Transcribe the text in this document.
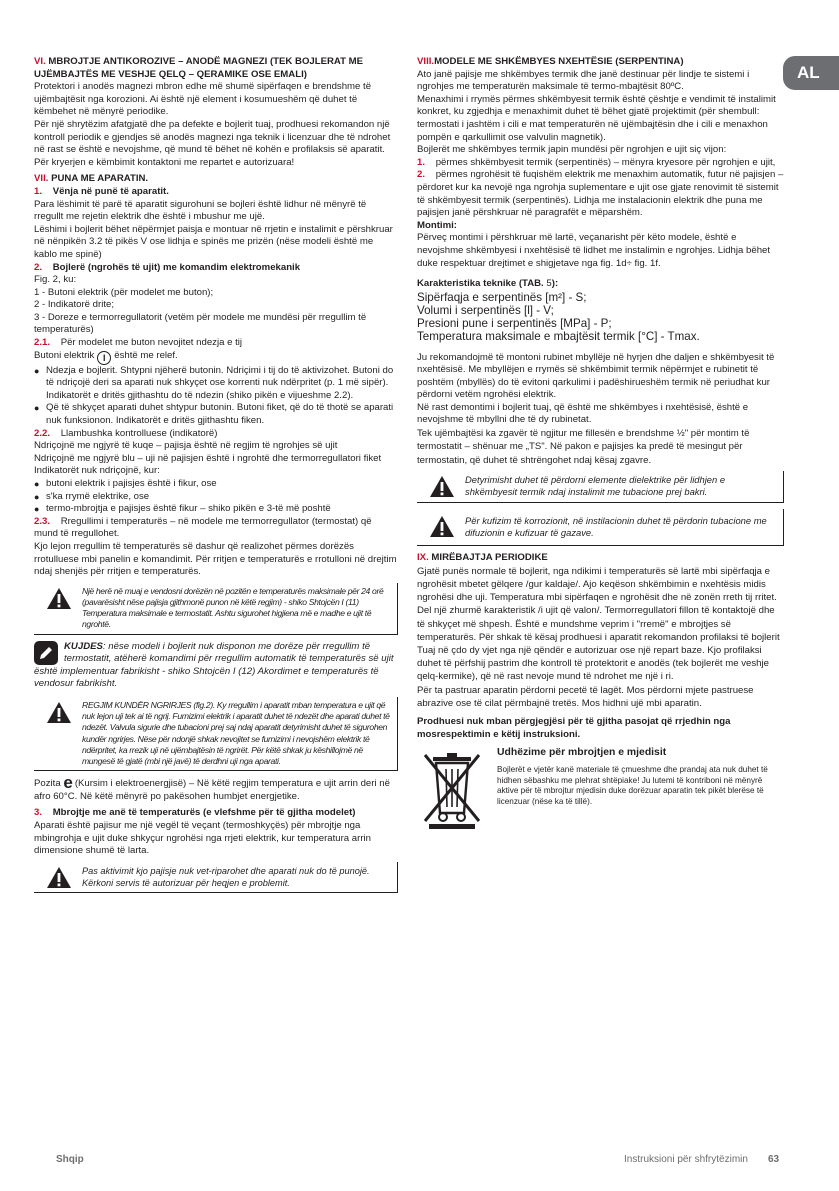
AL

VI. MBROJTJE ANTIKOROZIVE – ANODË MAGNEZI (TEK BOJLERAT ME UJËMBAJTËS ME VESHJE QELQ – QERAMIKE OSE EMALI)

Protektori i anodës magnezi mbron edhe më shumë sipërfaqen e brendshme të ujëmbajtësit nga korozioni. Ai është një element i kosumueshëm që duhet të këmbehet në mënyrë periodike.

Për një shrytëzim afatgjatë dhe pa defekte e bojlerit tuaj, prodhuesi rekomandon një kontroll periodik e gjendjes së anodës magnezi nga teknik i licenzuar dhe të ndrohet në rast se është e nevojshme, që mund të bëhet në kohën e profilaksis së aparatit.

Për kryerjen e këmbimit kontaktoni me repartet e autorizuara!

VII. PUNA ME APARATIN.

1. Vënja në punë të aparatit.

Para lëshimit të parë të aparatit sigurohuni se bojleri është lidhur në mënyrë të rregullt me rejetin elektrik dhe është i mbushur me ujë.

Lëshimi i bojlerit bëhet nëpërmjet paisja e montuar në rrjetin e instalimit e përshkruar në nënpikën 3.2 të pikës V ose lidhja e spinës me prizën (nëse modeli është me kablo me spinë)

2. Bojlerë (ngrohës të ujit) me komandim elektromekanik

Fig. 2, ku:

1 - Butoni elektrik (për modelet me buton);

2 - Indikatorë drite;

3 - Doreze e termorregullatorit (vetëm për modele me mundësi për rregullim të temperaturës)

2.1. Për modelet me buton nevojitet ndezja e tij

Butoni elektrik I është me relef.

● Ndezja e bojlerit. Shtypni njëherë butonin. Ndriçimi i tij do të aktivizohet. Butoni do të ndriçojë deri sa aparati nuk shkyçet ose korrenti nuk ndërpritet (p. 1 më sipër). Indikatorët e dritës gjithashtu do të ndezin (shiko pikën e vijueshme 2.2).

● Që të shkyçet aparati duhet shtypur butonin. Butoni fiket, që do të thotë se aparati nuk funksionon. Indikatorët e dritës gjithashtu fiken.

2.2. Llambushka kontrolluese (indikatorë)

Ndriçojnë me ngjyrë të kuqe – pajisja është në regjim të ngrohjes së ujit

Ndriçojnë me ngjyrë blu – uji në pajisjen është i ngrohtë dhe termorregullatori fiket

Indikatorët nuk ndriçojnë, kur:

● butoni elektrik i pajisjes është i fikur, ose

● s'ka rrymë elektrike, ose

● termo-mbrojtja e pajisjes është fikur – shiko pikën e 3-të më poshtë

2.3. Rregullimi i temperaturës – në modele me termorregullator (termostat) që mund të rregullohet.

Kjo lejon rregullim të temperaturës së dashur që realizohet përmes dorëzës rrotulluese mbi panelin e komandimit. Për rritjen e temperaturës e rrotulloni në drejtim ndaj shenjës për rritjen e temperaturës.

Një herë në muaj e vendosni dorëzën në pozitën e temperaturës maksimale për 24 orë (pavarësisht nëse pajisja gjithmonë punon në këtë regjim) - shiko Shtojcën I (11) Temperatura maksimale e termostatit. Ashtu sigurohet higjiena më e madhe e ujit të ngrohtë.
KUJDES: nëse modeli i bojlerit nuk disponon me dorëze për rregullim të termostatit, atëherë komandimi për rregullim automatik të temperaturës së ujit është implementuar fabrikisht - shiko Shtojcën I (12) Akordimet e temperaturës të vendosur fabrikisht.
REGJIM KUNDËR NGRIRJES (fig.2). Ky rregullim i aparatit mban temperatura e ujit që nuk lejon uji tek ai të ngrij. Furnizimi elektrik i aparatit duhet të ndezët dhe aparati duhet të ndezët. Valvula sigurie dhe tubacioni prej saj ndaj aparatit detyrimisht duhet të sigurohen kundër ngrirjes. Nëse për ndonjë shkak nevojitet se furnizimi i nevojshëm elektrik të ndërpritet, ka rrezik uji në ujëmbajtësin të ngrirët. Për këtë shkak ju këshillojmë në mungesë të gjatë (mbi një javë) të derdhni uji nga aparati.

Pozita e (Kursim i elektroenergjisë) – Në këtë regjim temperatura e ujit arrin deri në afro 60°C. Në këtë mënyrë po pakësohen humbjet energjetike.

3. Mbrojtje me anë të temperaturës (e vlefshme për të gjitha modelet)

Aparati është pajisur me një vegël të veçant (termoshkyçës) për mbrojtje nga mbingrohja e ujit duke shkyçur ngrohësi nga rrjeti elektrik, kur temperatura arrin dimensione shumë të larta.

Pas aktivimit kjo pajisje nuk vet-riparohet dhe aparati nuk do të punojë. Kërkoni servis të autorizuar për heqjen e problemit.

VIII.MODELE ME SHKËMBYES NXEHTËSIE (SERPENTINA)

Ato janë pajisje me shkëmbyes termik dhe janë destinuar për lindje te sistemi i ngrohjes me temperaturën maksimale të termo-mbajtësit 80ºC.

Menaxhimi i rrymës përmes shkëmbyesit termik është çështje e vendimit të instalimit konkret, ku zgjedhja e menaxhimit duhet të bëhet gjatë projektimit (për shembull: termostati i jashtëm i cili e mat temperaturën në ujëmbajtësin dhe i cili e menaxhon pompën e qarkullimit ose valvulin magnetik).

Bojlerët me shkëmbyes termik japin mundësi për ngrohjen e ujit siç vijon:

1. përmes shkëmbyesit termik (serpentinës) – mënyra kryesore për ngrohjen e ujit,

2. përmes ngrohësit të fuqishëm elektrik me menaxhim automatik, futur në pajisjen – përdoret kur ka nevojë nga ngrohja suplementare e ujit ose gjate renovimit të sistemit të shkëmbyesit termik (serpentinës). Lidhja me instalacionin elektrik dhe puna me pajisjen janë përshkruar në paragrafët e mëparshëm.

Montimi:

Përveç montimi i përshkruar më lartë, veçanarisht për këto modele, është e nevojshme shkëmbyesi i nxehtësisë të lidhet me instalimin e ngrohjes. Lidhja bëhet duke respektuar drejtimet e shigjetave nga fig. 1d÷ fig. 1f.

Karakteristika teknike (TAB. 5):

Sipërfaqja e serpentinës [m²] - S;

Volumi i serpentinës [l] - V;

Presioni pune i serpentinës [MPa] - P;

Temperatura maksimale e mbajtësit termik [°C] - Tmax.

Ju rekomandojmë të montoni rubinet mbyllëje në hyrjen dhe daljen e shkëmbyesit të nxehtësisë. Me mbyllëjen e rrymës së shkëmbimit termik nëpërmjet e rubinetit të poshtëm (mbyllës) do të evitoni qarkulimi i padëshirueshëm termik në periudhat kur përdorni vetëm ngrohësi elektrik.

Në rast demontimi i bojlerit tuaj, që është me shkëmbyes i nxehtësisë, është e nevojshme të mbyllni dhe të dy rubinetat.

Tek ujëmbajtësi ka zgavër të ngjitur me fillesën e brendshme ½" për montim të termostatit – shënuar me „TS". Në pakon e pajisjes ka predë të mesingut për termostatin, që duhet të shtrëngohet ndaj kësaj zgavre.

Detyrimisht duhet të përdorni elemente dielektrike për lidhjen e shkëmbyesit termik ndaj instalimit me tubacione prej bakri.
Për kufizim të korrozionit, në instilacionin duhet të përdorin tubacione me difuzionin e kufizuar të gazave.

IX. MIRËBAJTJA PERIODIKE

Gjatë punës normale të bojlerit, nga ndikimi i temperaturës së lartë mbi sipërfaqja e ngrohësit mbetet gëlqere /gur kaldaje/. Ajo keqëson shkëmbimin e nxehtësis midis ngrohësi dhe uji. Temperatura mbi sipërfaqen e ngrohësit dhe në zonën rreth tij rritet. Del një zhurmë karakteristik /i ujit që valon/. Termorregullatori fillon të kontaktojë dhe të shkyçet më shpesh. Është e mundshme veprim i "rremë" e mbrojtjes së temperaturës. Për shkak të kësaj prodhuesi i aparatit rekomandon profilaksi të bojlerit Tuaj në çdo dy vjet nga një qëndër e autorizuar ose një repart baze. Kjo profilaksi duhet të përfshij pastrim dhe kontroll të protektorit e anodës (tek bojlerët me veshje qelq-kermike), që në rast nevoje mund të ndrohet me një i ri.

Për ta pastruar aparatin përdorni pecetë të lagët. Mos përdorni mjete pastruese abrazive ose të cilat përmbajnë tretës. Mos hidhni ujë mbi aparatin.

Prodhuesi nuk mban përgjegjësi për të gjitha pasojat që rrjedhin nga mosrespektimin e këtij instruksioni.

Udhëzime për mbrojtjen e mjedisit

Bojlerët e vjetër kanë materiale të çmueshme dhe prandaj ata nuk duhet të hidhen sëbashku me plehrat shtëpiake! Ju lutemi të kontriboni në mënyrë aktive për të mbrojtur mjedisin duke dorëzuar aparatin tek pikët blerëse të licenzuar (nëse ka të tillë).

Shqip	Instruksioni për shfrytëzimin 63
